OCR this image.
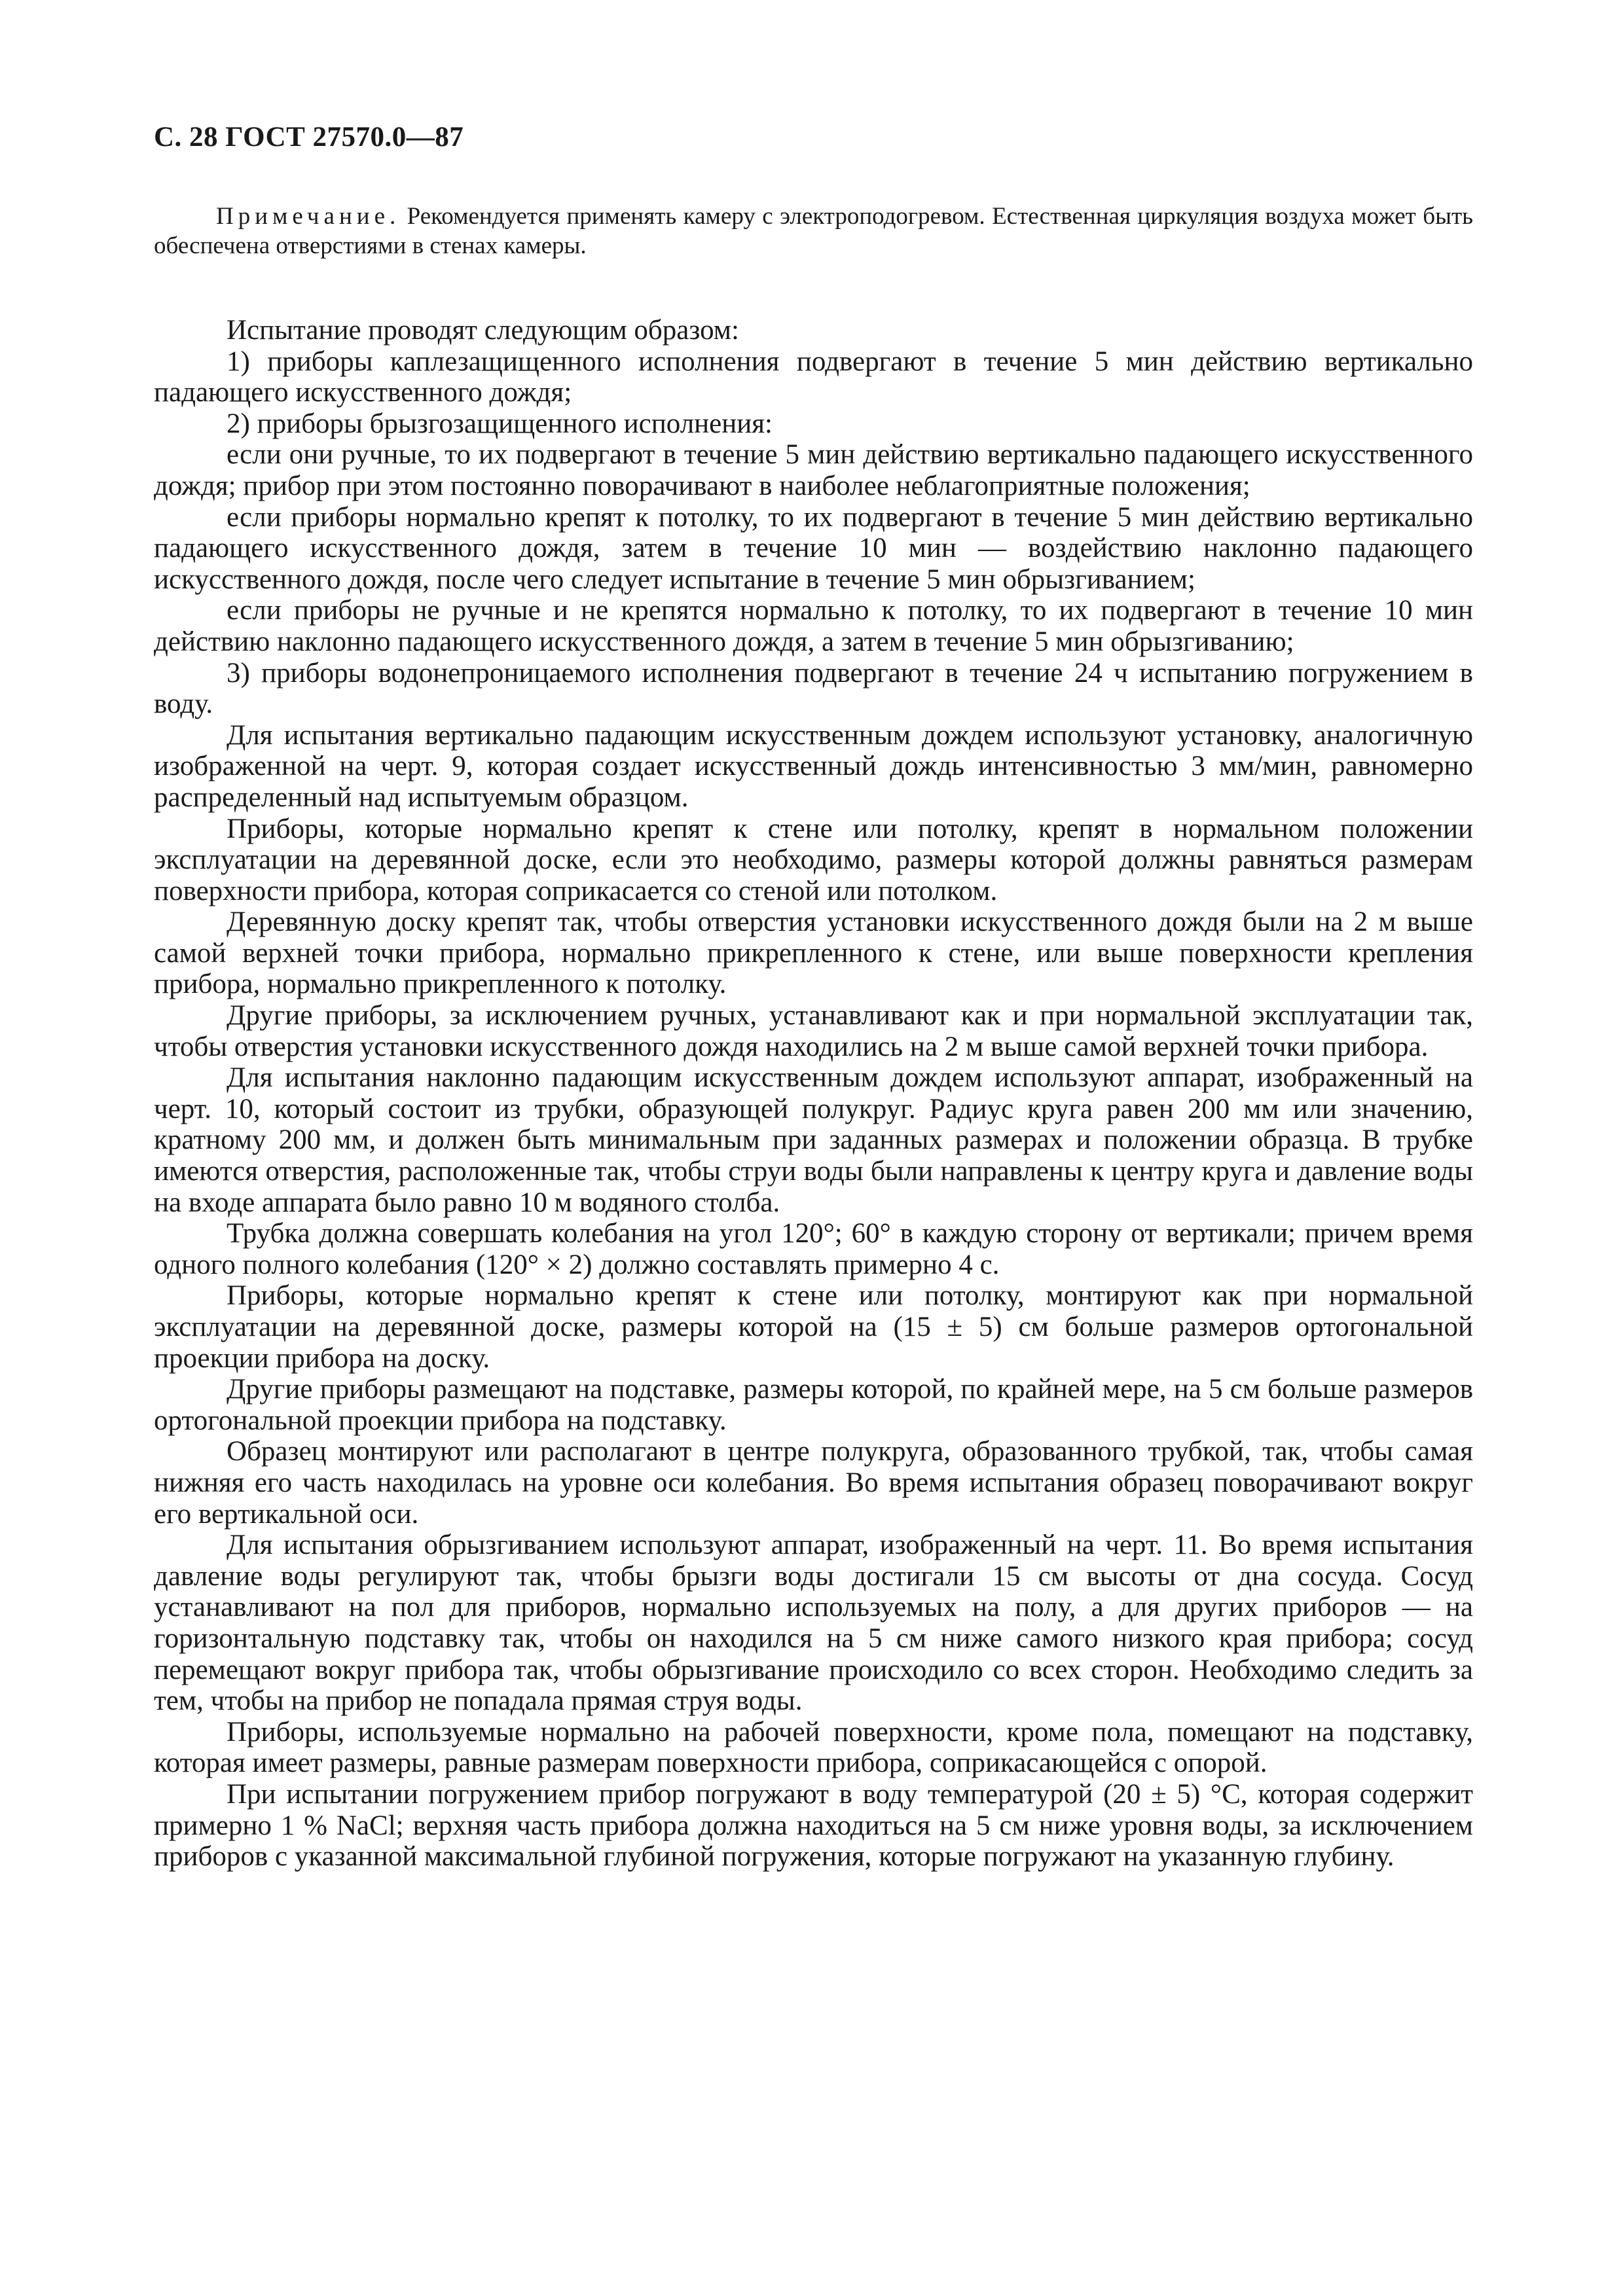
С. 28 ГОСТ 27570.0—87

Примечание. Рекомендуется применять камеру с электроподогревом. Естественная циркуляция воздуха может быть обеспечена отверстиями в стенах камеры.

Испытание проводят следующим образом:

1) приборы каплезащищенного исполнения подвергают в течение 5 мин действию вертикально падающего искусственного дождя;

2) приборы брызгозащищенного исполнения:

если они ручные, то их подвергают в течение 5 мин действию вертикально падающего искусственного дождя; прибор при этом постоянно поворачивают в наиболее неблагоприятные положения;

если приборы нормально крепят к потолку, то их подвергают в течение 5 мин действию вертикально падающего искусственного дождя, затем в течение 10 мин — воздействию наклонно падающего искусственного дождя, после чего следует испытание в течение 5 мин обрызгиванием;

если приборы не ручные и не крепятся нормально к потолку, то их подвергают в течение 10 мин действию наклонно падающего искусственного дождя, а затем в течение 5 мин обрызгиванию;

3) приборы водонепроницаемого исполнения подвергают в течение 24 ч испытанию погружением в воду.

Для испытания вертикально падающим искусственным дождем используют установку, аналогичную изображенной на черт. 9, которая создает искусственный дождь интенсивностью 3 мм/мин, равномерно распределенный над испытуемым образцом.

Приборы, которые нормально крепят к стене или потолку, крепят в нормальном положении эксплуатации на деревянной доске, если это необходимо, размеры которой должны равняться размерам поверхности прибора, которая соприкасается со стеной или потолком.

Деревянную доску крепят так, чтобы отверстия установки искусственного дождя были на 2 м выше самой верхней точки прибора, нормально прикрепленного к стене, или выше поверхности крепления прибора, нормально прикрепленного к потолку.

Другие приборы, за исключением ручных, устанавливают как и при нормальной эксплуатации так, чтобы отверстия установки искусственного дождя находились на 2 м выше самой верхней точки прибора.

Для испытания наклонно падающим искусственным дождем используют аппарат, изображенный на черт. 10, который состоит из трубки, образующей полукруг. Радиус круга равен 200 мм или значению, кратному 200 мм, и должен быть минимальным при заданных размерах и положении образца. В трубке имеются отверстия, расположенные так, чтобы струи воды были направлены к центру круга и давление воды на входе аппарата было равно 10 м водяного столба.

Трубка должна совершать колебания на угол 120°; 60° в каждую сторону от вертикали; причем время одного полного колебания (120° × 2) должно составлять примерно 4 с.

Приборы, которые нормально крепят к стене или потолку, монтируют как при нормальной эксплуатации на деревянной доске, размеры которой на (15 ± 5) см больше размеров ортогональной проекции прибора на доску.

Другие приборы размещают на подставке, размеры которой, по крайней мере, на 5 см больше размеров ортогональной проекции прибора на подставку.

Образец монтируют или располагают в центре полукруга, образованного трубкой, так, чтобы самая нижняя его часть находилась на уровне оси колебания. Во время испытания образец поворачивают вокруг его вертикальной оси.

Для испытания обрызгиванием используют аппарат, изображенный на черт. 11. Во время испытания давление воды регулируют так, чтобы брызги воды достигали 15 см высоты от дна сосуда. Сосуд устанавливают на пол для приборов, нормально используемых на полу, а для других приборов — на горизонтальную подставку так, чтобы он находился на 5 см ниже самого низкого края прибора; сосуд перемещают вокруг прибора так, чтобы обрызгивание происходило со всех сторон. Необходимо следить за тем, чтобы на прибор не попадала прямая струя воды.

Приборы, используемые нормально на рабочей поверхности, кроме пола, помещают на подставку, которая имеет размеры, равные размерам поверхности прибора, соприкасающейся с опорой.

При испытании погружением прибор погружают в воду температурой (20 ± 5) °С, которая содержит примерно 1 % NaCl; верхняя часть прибора должна находиться на 5 см ниже уровня воды, за исключением приборов с указанной максимальной глубиной погружения, которые погружают на указанную глубину.
